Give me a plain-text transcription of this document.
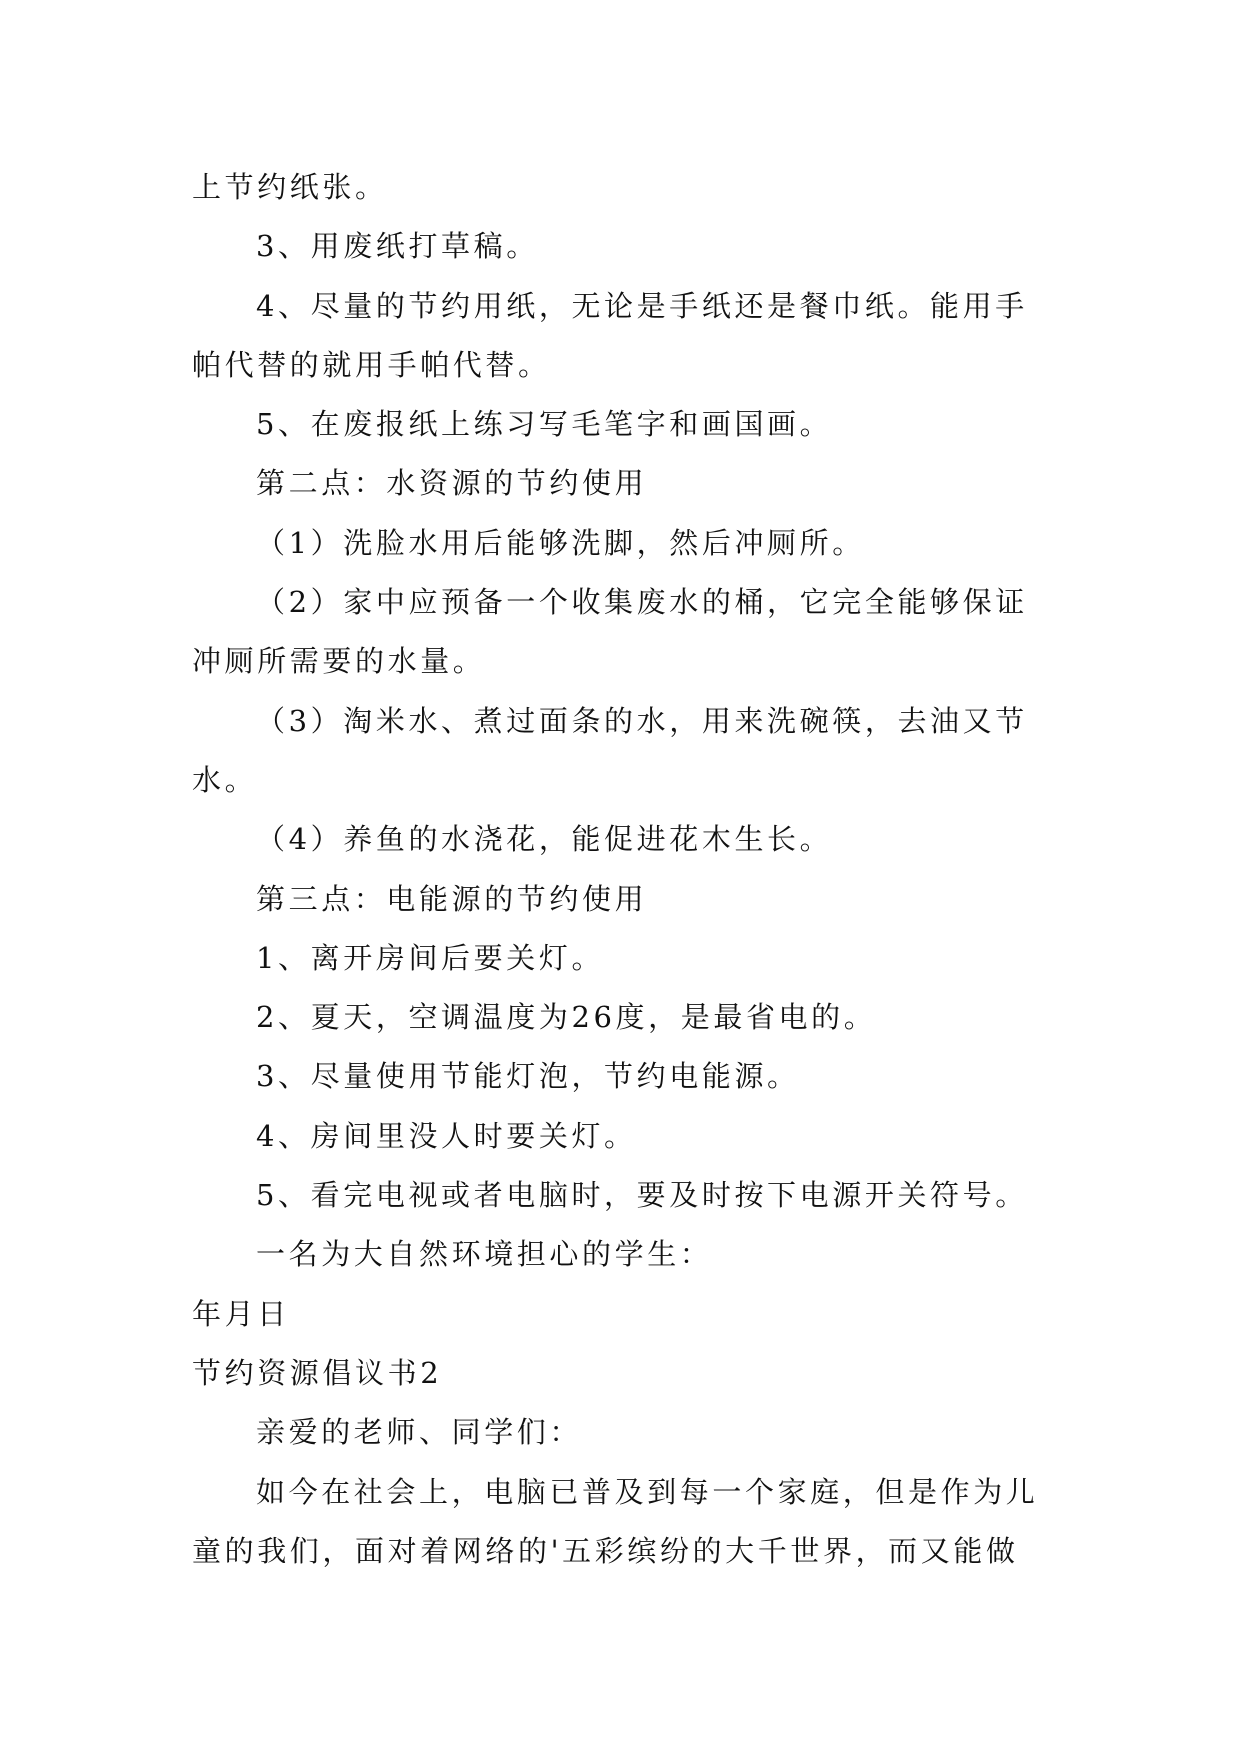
上节约纸张。
3、用废纸打草稿。
4、尽量的节约用纸，无论是手纸还是餐巾纸。能用手
帕代替的就用手帕代替。
5、在废报纸上练习写毛笔字和画国画。
第二点：水资源的节约使用
（1）洗脸水用后能够洗脚，然后冲厕所。
（2）家中应预备一个收集废水的桶，它完全能够保证
冲厕所需要的水量。
（3）淘米水、煮过面条的水，用来洗碗筷，去油又节
水。
（4）养鱼的水浇花，能促进花木生长。
第三点：电能源的节约使用
1、离开房间后要关灯。
2、夏天，空调温度为26度，是最省电的。
3、尽量使用节能灯泡，节约电能源。
4、房间里没人时要关灯。
5、看完电视或者电脑时，要及时按下电源开关符号。
一名为大自然环境担心的学生：
年月日
节约资源倡议书2
亲爱的老师、同学们：
如今在社会上，电脑已普及到每一个家庭，但是作为儿
童的我们，面对着网络的'五彩缤纷的大千世界，而又能做
